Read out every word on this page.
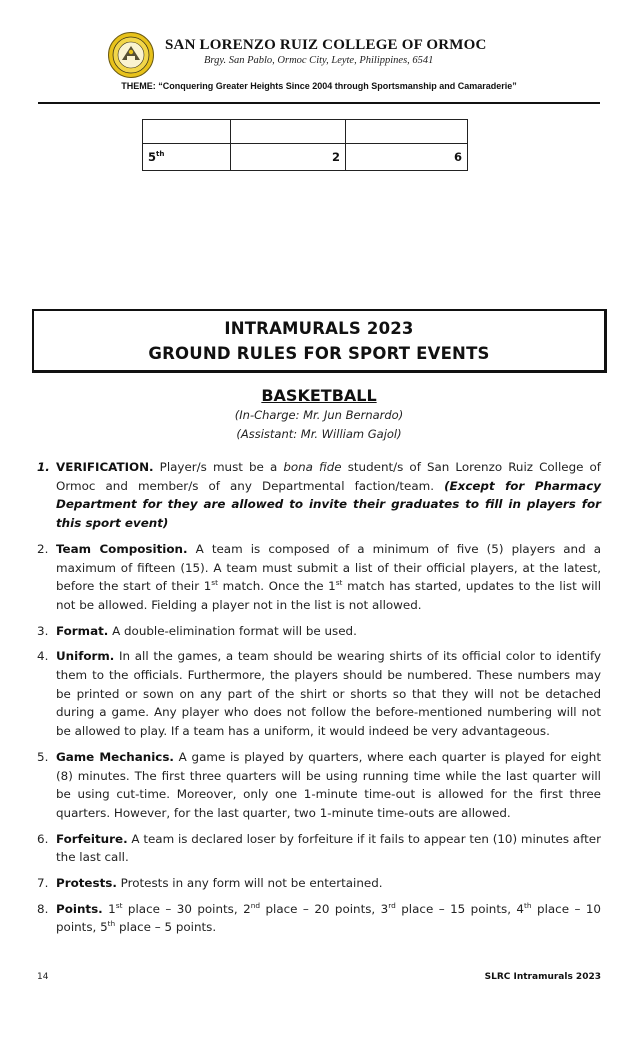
SAN LORENZO RUIZ COLLEGE OF ORMOC
Brgy. San Pablo, Ormoc City, Leyte, Philippines, 6541
THEME: “Conquering Greater Heights Since 2004 through Sportsmanship and Camaraderie”

5th	2	6
INTRAMURALS 2023
GROUND RULES FOR SPORT EVENTS
BASKETBALL
(In-Charge: Mr. Jun Bernardo)
(Assistant: Mr. William Gajol)
1. VERIFICATION. Player/s must be a bona fide student/s of San Lorenzo Ruiz College of Ormoc and member/s of any Departmental faction/team. (Except for Pharmacy Department for they are allowed to invite their graduates to fill in players for this sport event)
2. Team Composition. A team is composed of a minimum of five (5) players and a maximum of fifteen (15). A team must submit a list of their official players, at the latest, before the start of their 1st match. Once the 1st match has started, updates to the list will not be allowed. Fielding a player not in the list is not allowed.
3. Format. A double-elimination format will be used.
4. Uniform. In all the games, a team should be wearing shirts of its official color to identify them to the officials. Furthermore, the players should be numbered. These numbers may be printed or sown on any part of the shirt or shorts so that they will not be detached during a game. Any player who does not follow the before-mentioned numbering will not be allowed to play. If a team has a uniform, it would indeed be very advantageous.
5. Game Mechanics. A game is played by quarters, where each quarter is played for eight (8) minutes. The first three quarters will be using running time while the last quarter will be using cut-time. Moreover, only one 1-minute time-out is allowed for the first three quarters. However, for the last quarter, two 1-minute time-outs are allowed.
6. Forfeiture. A team is declared loser by forfeiture if it fails to appear ten (10) minutes after the last call.
7. Protests. Protests in any form will not be entertained.
8. Points. 1st place – 30 points, 2nd place – 20 points, 3rd place – 15 points, 4th place – 10 points, 5th place – 5 points.
14	SLRC Intramurals 2023
